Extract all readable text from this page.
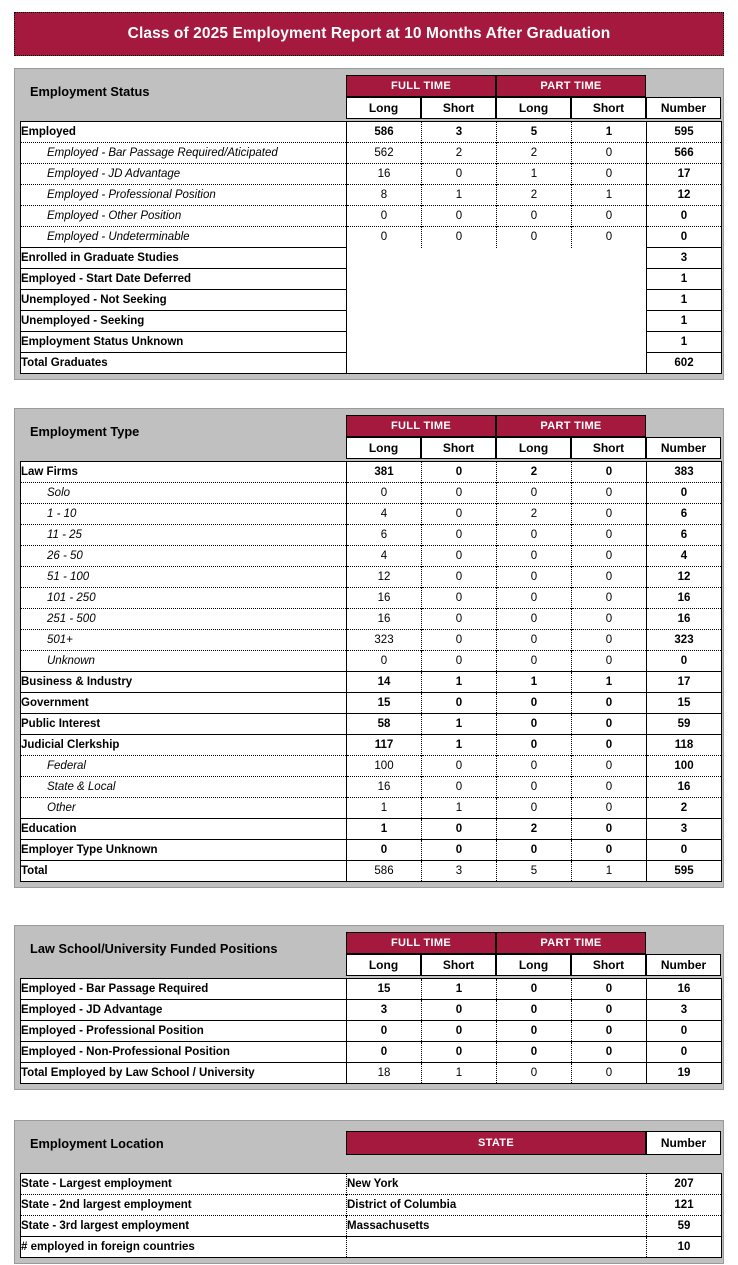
Class of 2025 Employment Report at 10 Months After Graduation
Employment Status	FULL TIME	PART TIME
Long	Short	Long	Short	Number
Employed	586	3	5	1	595
Employed - Bar Passage Required/Aticipated	562	2	2	0	566
Employed - JD Advantage	16	0	1	0	17
Employed - Professional Position	8	1	2	1	12
Employed - Other Position	0	0	0	0	0
Employed - Undeterminable	0	0	0	0	0
Enrolled in Graduate Studies					3
Employed - Start Date Deferred					1
Unemployed - Not Seeking					1
Unemployed - Seeking					1
Employment Status Unknown					1
Total Graduates					602
Employment Type	FULL TIME	PART TIME
Long	Short	Long	Short	Number
Law Firms	381	0	2	0	383
Solo	0	0	0	0	0
1 - 10	4	0	2	0	6
11 - 25	6	0	0	0	6
26 - 50	4	0	0	0	4
51 - 100	12	0	0	0	12
101 - 250	16	0	0	0	16
251 - 500	16	0	0	0	16
501+	323	0	0	0	323
Unknown	0	0	0	0	0
Business & Industry	14	1	1	1	17
Government	15	0	0	0	15
Public Interest	58	1	0	0	59
Judicial Clerkship	117	1	0	0	118
Federal	100	0	0	0	100
State & Local	16	0	0	0	16
Other	1	1	0	0	2
Education	1	0	2	0	3
Employer Type Unknown	0	0	0	0	0
Total	586	3	5	1	595
Law School/University Funded Positions	FULL TIME	PART TIME
Long	Short	Long	Short	Number
Employed - Bar Passage Required	15	1	0	0	16
Employed - JD Advantage	3	0	0	0	3
Employed - Professional Position	0	0	0	0	0
Employed - Non-Professional Position	0	0	0	0	0
Total Employed by Law School / University	18	1	0	0	19
Employment Location	STATE	Number
State - Largest employment	New York	207
State - 2nd largest employment	District of Columbia	121
State - 3rd largest employment	Massachusetts	59
# employed in foreign countries		10
